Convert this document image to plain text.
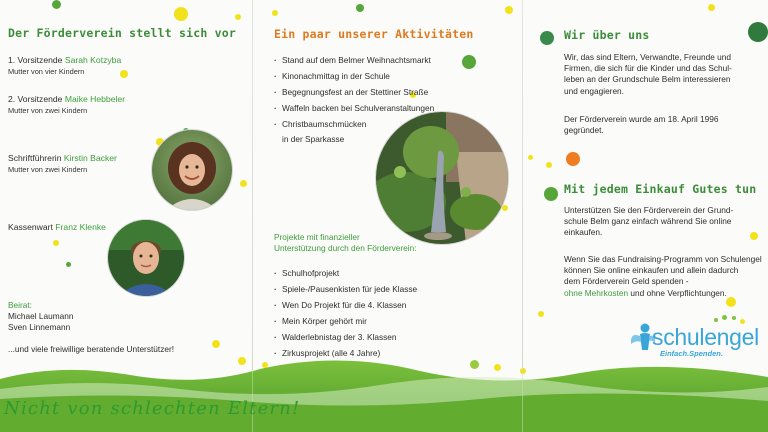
Der Förderverein stellt sich vor
1. Vorsitzende Sarah Kotzyba
Mutter von vier Kindern
2. Vorsitzende Maike Hebbeler
Mutter von zwei Kindern
Schriftführerin Kirstin Backer
Mutter von zwei Kindern
Kassenwart Franz Klenke
Beirat:
Michael Laumann
Sven Linnemann
...und viele freiwillige beratende Unterstützer!
Ein paar unserer Aktivitäten
· Stand auf dem Belmer Weihnachtsmarkt
· Kinonachmittag in der Schule
· Begegnungsfest an der Stettiner Straße
· Waffeln backen bei Schulveranstaltungen
· Christbaumschmücken
in der Sparkasse
Projekte mit finanzieller
Unterstützung durch den Förderverein:
· Schulhofprojekt
· Spiele-/Pausenkisten für jede Klasse
· Wen Do Projekt für die 4. Klassen
· Mein Körper gehört mir
· Walderlebnistag der 3. Klassen
· Zirkusprojekt (alle 4 Jahre)
Wir über uns
Wir, das sind Eltern, Verwandte, Freunde und
Firmen, die sich für die Kinder und das Schul-
leben an der Grundschule Belm interessieren
und engagieren.
Der Förderverein wurde am 18. April 1996
gegründet.
Mit jedem Einkauf Gutes tun
Unterstützen Sie den Förderverein der Grund-
schule Belm ganz einfach während Sie online
einkaufen.
Wenn Sie das Fundraising-Programm von Schulengel
können Sie online einkaufen und allein dadurch
dem Förderverein Geld spenden -
ohne Mehrkosten und ohne Verpflichtungen.
Nicht von schlechten Eltern!
schulengel
Einfach.Spenden.
